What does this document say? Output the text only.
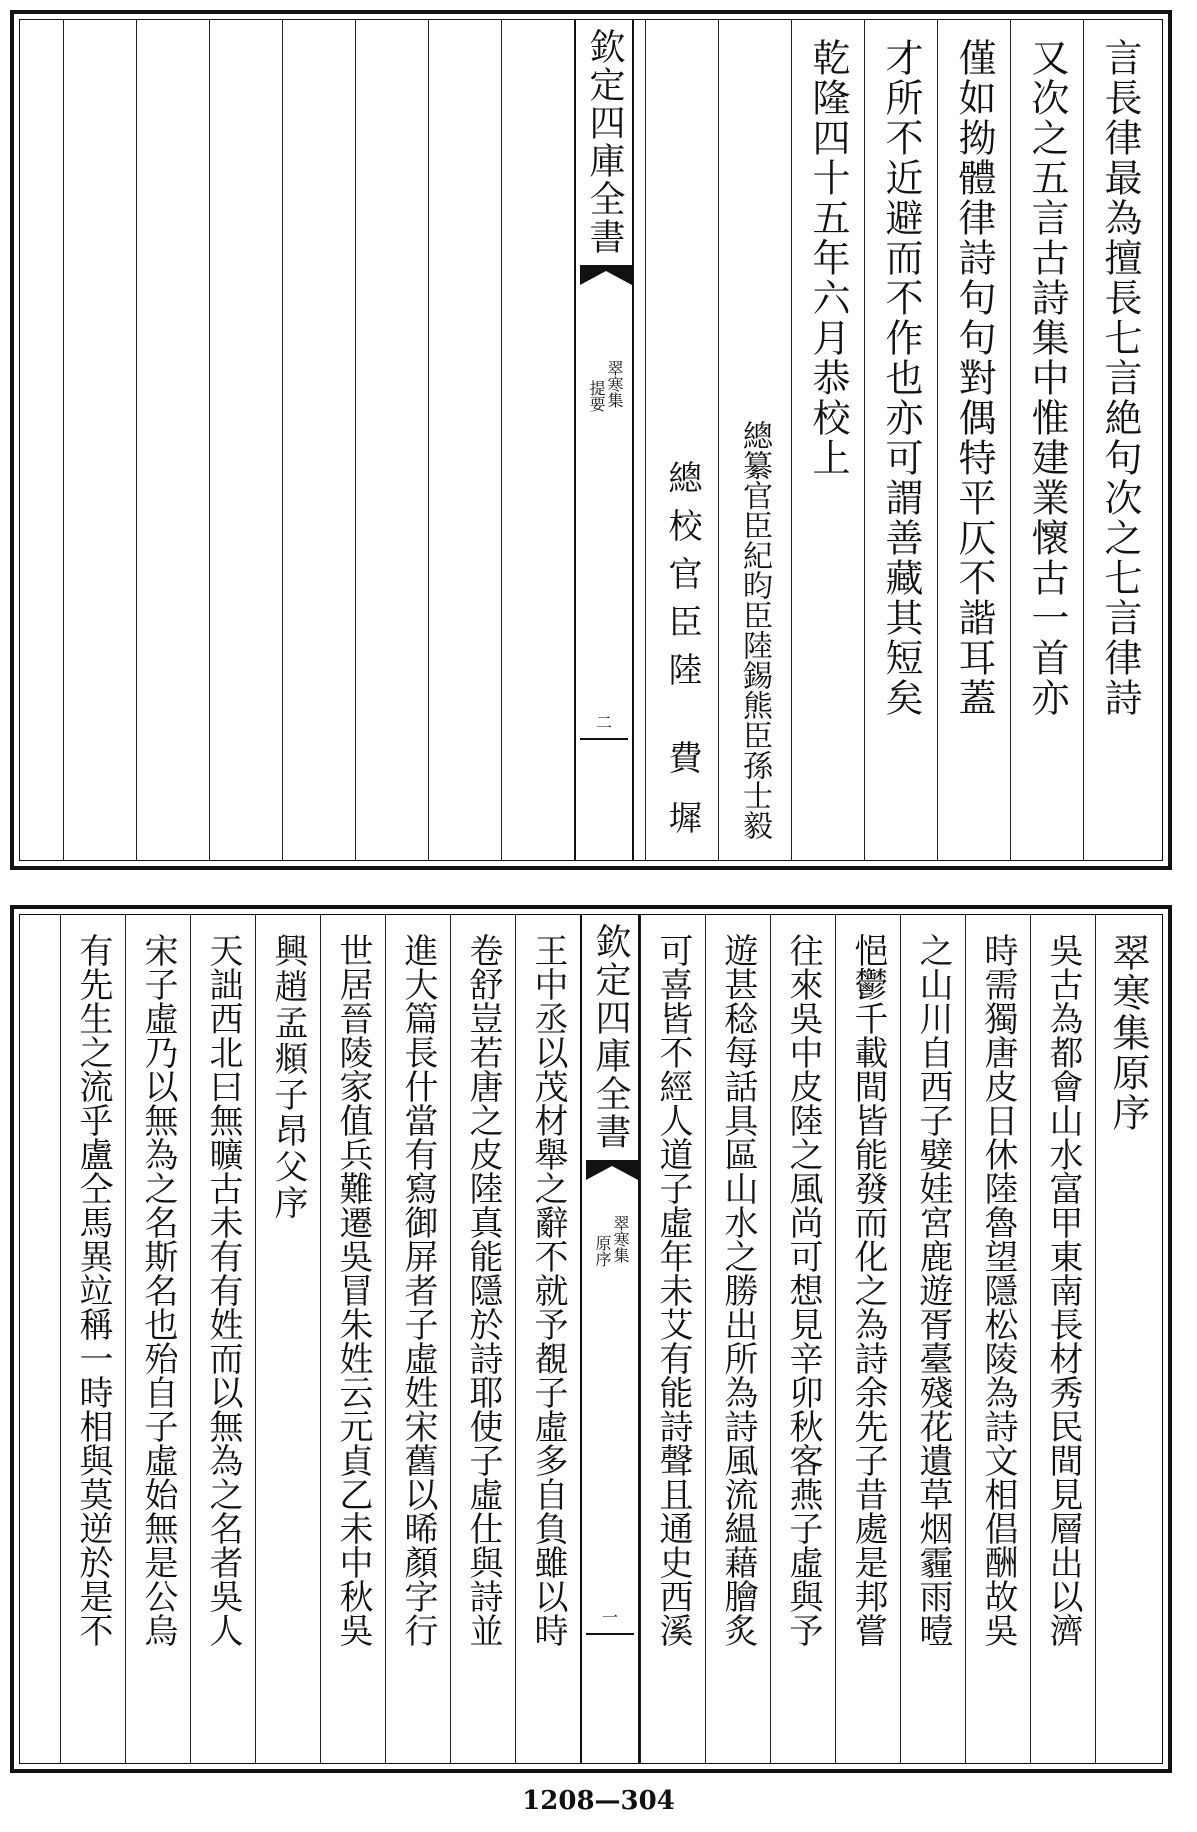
言長律最為擅長七言絶句次之七言律詩
又次之五言古詩集中惟建業懷古一首亦
僅如拗體律詩句句對偶特平仄不諧耳蓋
才所不近避而不作也亦可謂善藏其短矣
乾隆四十五年六月恭校上
總纂官臣紀昀臣陸錫熊臣孫士毅
總校官臣陸
費墀
欽定四庫全書
翠寒集
提要
二
翠寒集原序
吳古為都會山水富甲東南長材秀民間見層出以濟
時需獨唐皮日休陸魯望隱松陵為詩文相倡酬故吳
之山川自西子嬖娃宮鹿遊胥臺殘花遺草烟霾雨曀
悒鬱千載間皆能發而化之為詩余先子昔處是邦嘗
往來吳中皮陸之風尚可想見辛卯秋客燕子虛與予
遊甚稔每話具區山水之勝出所為詩風流緼藉膾炙
可喜皆不經人道子虛年未艾有能詩聲且通史西溪
欽定四庫全書
翠寒集
原序
一
王中丞以茂材舉之辭不就予覩子虛多自負雖以時
卷舒豈若唐之皮陸真能隱於詩耶使子虛仕與詩並
進大篇長什當有寫御屏者子虛姓宋舊以晞顏字行
世居晉陵家值兵難遷吳冒朱姓云元貞乙未中秋吳
興趙孟頫子昂父序
天詘西北曰無曠古未有有姓而以無為之名者吳人
宋子虛乃以無為之名斯名也殆自子虛始無是公烏
有先生之流乎盧仝馬異竝稱一時相與莫逆於是不
1208—304
